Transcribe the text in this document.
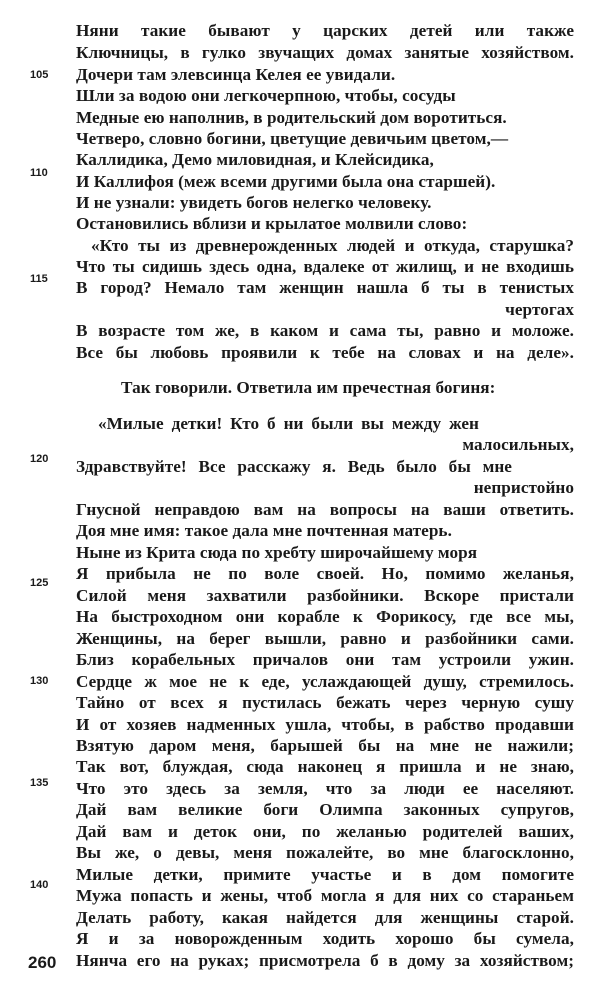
105
110
115
120
125
130
135
140
Няни такие бывают у царских детей или также
Ключницы, в гулко звучащих домах занятые хозяйством.
Дочери там элевсинца Келея ее увидали.
Шли за водою они легкочерпною, чтобы, сосуды
Медные ею наполнив, в родительский дом воротиться.
Четверо, словно богини, цветущие девичьим цветом,—
Каллидика, Демо миловидная, и Клейсидика,
И Каллифоя (меж всеми другими была она старшей).
И не узнали: увидеть богов нелегко человеку.
Остановились вблизи и крылатое молвили слово:
«Кто ты из древнерожденных людей и откуда, старушка?
Что ты сидишь здесь одна, вдалеке от жилищ, и не входишь
В город? Немало там женщин нашла б ты в тенистых
чертогах
В возрасте том же, в каком и сама ты, равно и моложе.
Все бы любовь проявили к тебе на словах и на деле».
Так говорили. Ответила им пречестная богиня:
«Милые детки! Кто б ни были вы между жен
малосильных,
Здравствуйте! Все расскажу я. Ведь было бы мне
непристойно
Гнусной неправдою вам на вопросы на ваши ответить.
Доя мне имя: такое дала мне почтенная матерь.
Ныне из Крита сюда по хребту широчайшему моря
Я прибыла не по воле своей. Но, помимо желанья,
Силой меня захватили разбойники. Вскоре пристали
На быстроходном они корабле к Форикосу, где все мы,
Женщины, на берег вышли, равно и разбойники сами.
Близ корабельных причалов они там устроили ужин.
Сердце ж мое не к еде, услаждающей душу, стремилось.
Тайно от всех я пустилась бежать через черную сушу
И от хозяев надменных ушла, чтобы, в рабство продавши
Взятую даром меня, барышей бы на мне не нажили;
Так вот, блуждая, сюда наконец я пришла и не знаю,
Что это здесь за земля, что за люди ее населяют.
Дай вам великие боги Олимпа законных супругов,
Дай вам и деток они, по желанью родителей ваших,
Вы же, о девы, меня пожалейте, во мне благосклонно,
Милые детки, примите участье и в дом помогите
Мужа попасть и жены, чтоб могла я для них со стараньем
Делать работу, какая найдется для женщины старой.
Я и за новорожденным ходить хорошо бы сумела,
Нянча его на руках; присмотрела б в дому за хозяйством;
260
